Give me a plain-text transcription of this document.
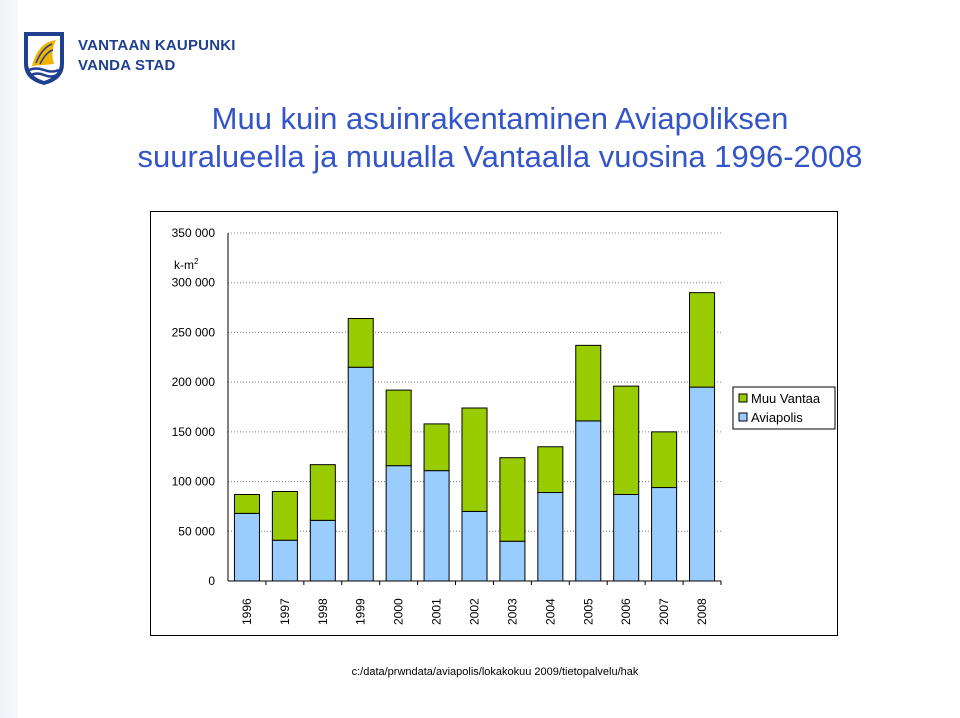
VANTAAN KAUPUNKI
VANDA STAD
Muu kuin asuinrakentaminen Aviapoliksen
suuralueella ja muualla Vantaalla vuosina 1996-2008
0
50 000
100 000
150 000
200 000
250 000
300 000
350 000
$k-m^2$
1996 1997 1998 1999 2000 2001 2002 2003 2004 2005 2006 2007 2008
Muu Vantaa
Aviapolis
c:/data/prwndata/aviapolis/lokakokuu 2009/tietopalvelu/hak
